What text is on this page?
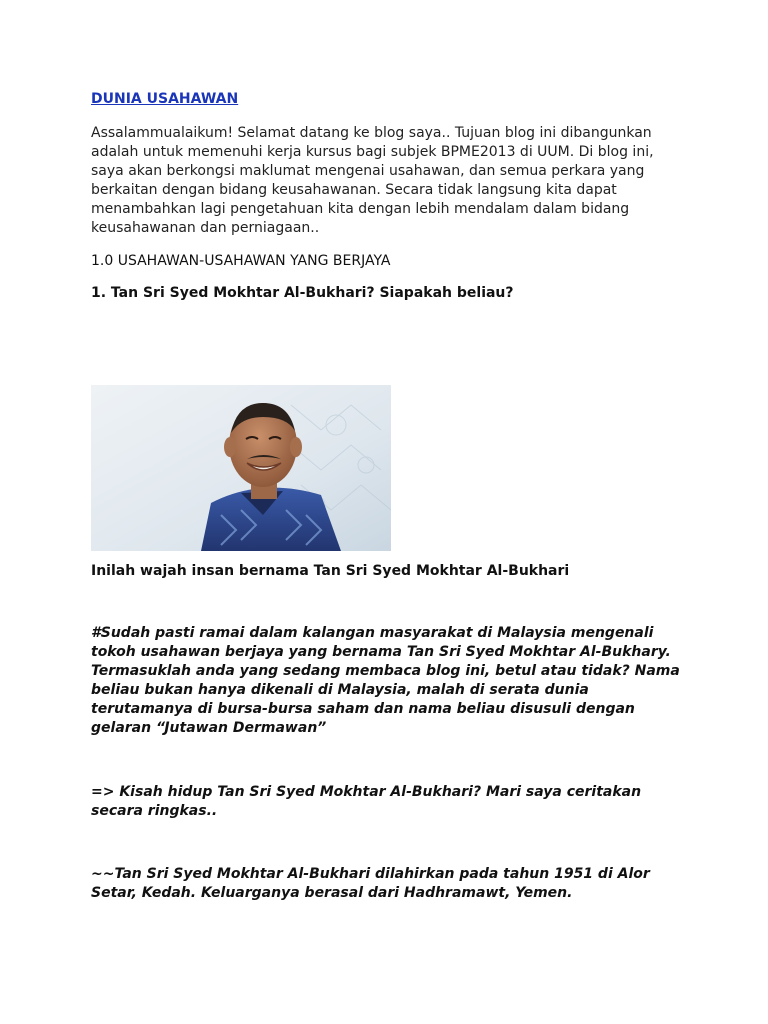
DUNIA USAHAWAN
Assalammualaikum! Selamat datang ke blog saya.. Tujuan blog ini dibangunkan adalah untuk memenuhi kerja kursus bagi subjek BPME2013 di UUM. Di blog ini, saya akan berkongsi maklumat mengenai usahawan, dan semua perkara yang berkaitan dengan bidang keusahawanan. Secara tidak langsung kita dapat menambahkan lagi pengetahuan kita dengan lebih mendalam dalam bidang keusahawanan dan perniagaan..
1.0 USAHAWAN-USAHAWAN YANG BERJAYA
1. Tan Sri Syed Mokhtar Al-Bukhari? Siapakah beliau?
Inilah wajah insan bernama Tan Sri Syed Mokhtar Al-Bukhari
#Sudah pasti ramai dalam kalangan masyarakat di Malaysia mengenali tokoh usahawan berjaya yang bernama Tan Sri Syed Mokhtar Al-Bukhary. Termasuklah anda yang sedang membaca blog ini, betul atau tidak? Nama beliau bukan hanya dikenali di Malaysia, malah di serata dunia terutamanya di bursa-bursa saham dan nama beliau disusuli dengan gelaran “Jutawan Dermawan”
=> Kisah hidup Tan Sri Syed Mokhtar Al-Bukhari? Mari saya ceritakan secara ringkas..
~~Tan Sri Syed Mokhtar Al-Bukhari dilahirkan pada tahun 1951 di Alor Setar, Kedah. Keluarganya berasal dari Hadhramawt, Yemen.
